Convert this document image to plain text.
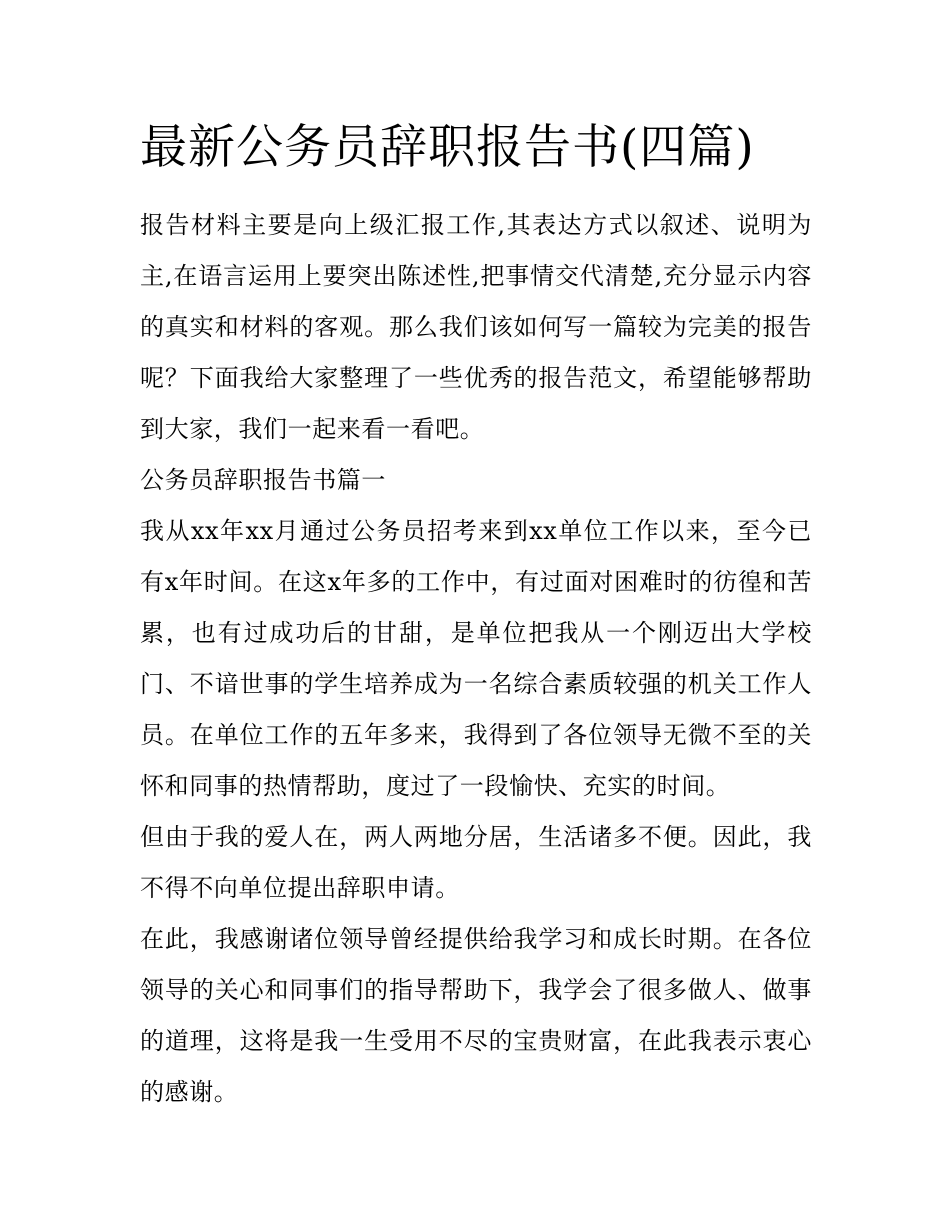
最新公务员辞职报告书(四篇)

报告材料主要是向上级汇报工作,其表达方式以叙述、说明为主,在语言运用上要突出陈述性,把事情交代清楚,充分显示内容的真实和材料的客观。那么我们该如何写一篇较为完美的报告呢？下面我给大家整理了一些优秀的报告范文，希望能够帮助到大家，我们一起来看一看吧。

公务员辞职报告书篇一

我从xx年xx月通过公务员招考来到xx单位工作以来，至今已有x年时间。在这x年多的工作中，有过面对困难时的彷徨和苦累，也有过成功后的甘甜，是单位把我从一个刚迈出大学校门、不谙世事的学生培养成为一名综合素质较强的机关工作人员。在单位工作的五年多来，我得到了各位领导无微不至的关怀和同事的热情帮助，度过了一段愉快、充实的时间。

但由于我的爱人在，两人两地分居，生活诸多不便。因此，我不得不向单位提出辞职申请。

在此，我感谢诸位领导曾经提供给我学习和成长时期。在各位领导的关心和同事们的指导帮助下，我学会了很多做人、做事的道理，这将是我一生受用不尽的宝贵财富，在此我表示衷心的感谢。
